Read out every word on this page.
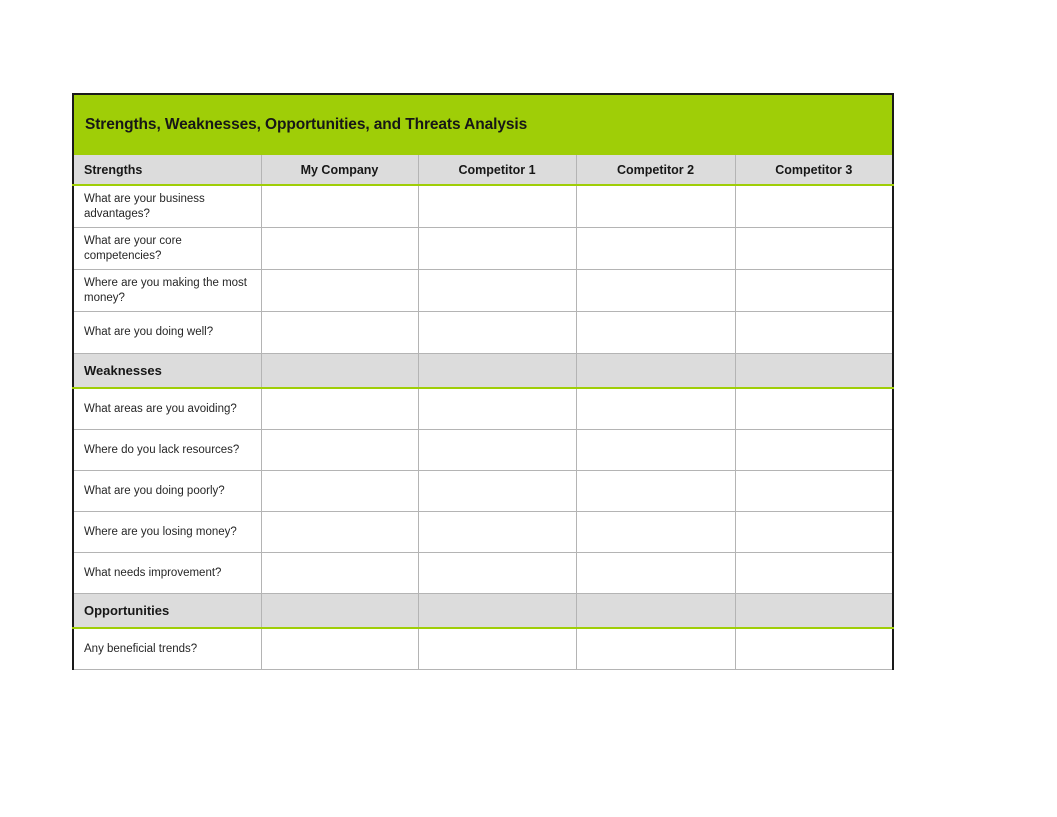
Strengths, Weaknesses, Opportunities, and Threats Analysis				

Strengths	My Company	Competitor 1	Competitor 2	Competitor 3
What are your business advantages?				
What are your core competencies?				
Where are you making the most money?				
What are you doing well?				
Weaknesses				
What areas are you avoiding?				
Where do you lack resources?				
What are you doing poorly?				
Where are you losing money?				
What needs improvement?				
Opportunities				
Any beneficial trends?				
